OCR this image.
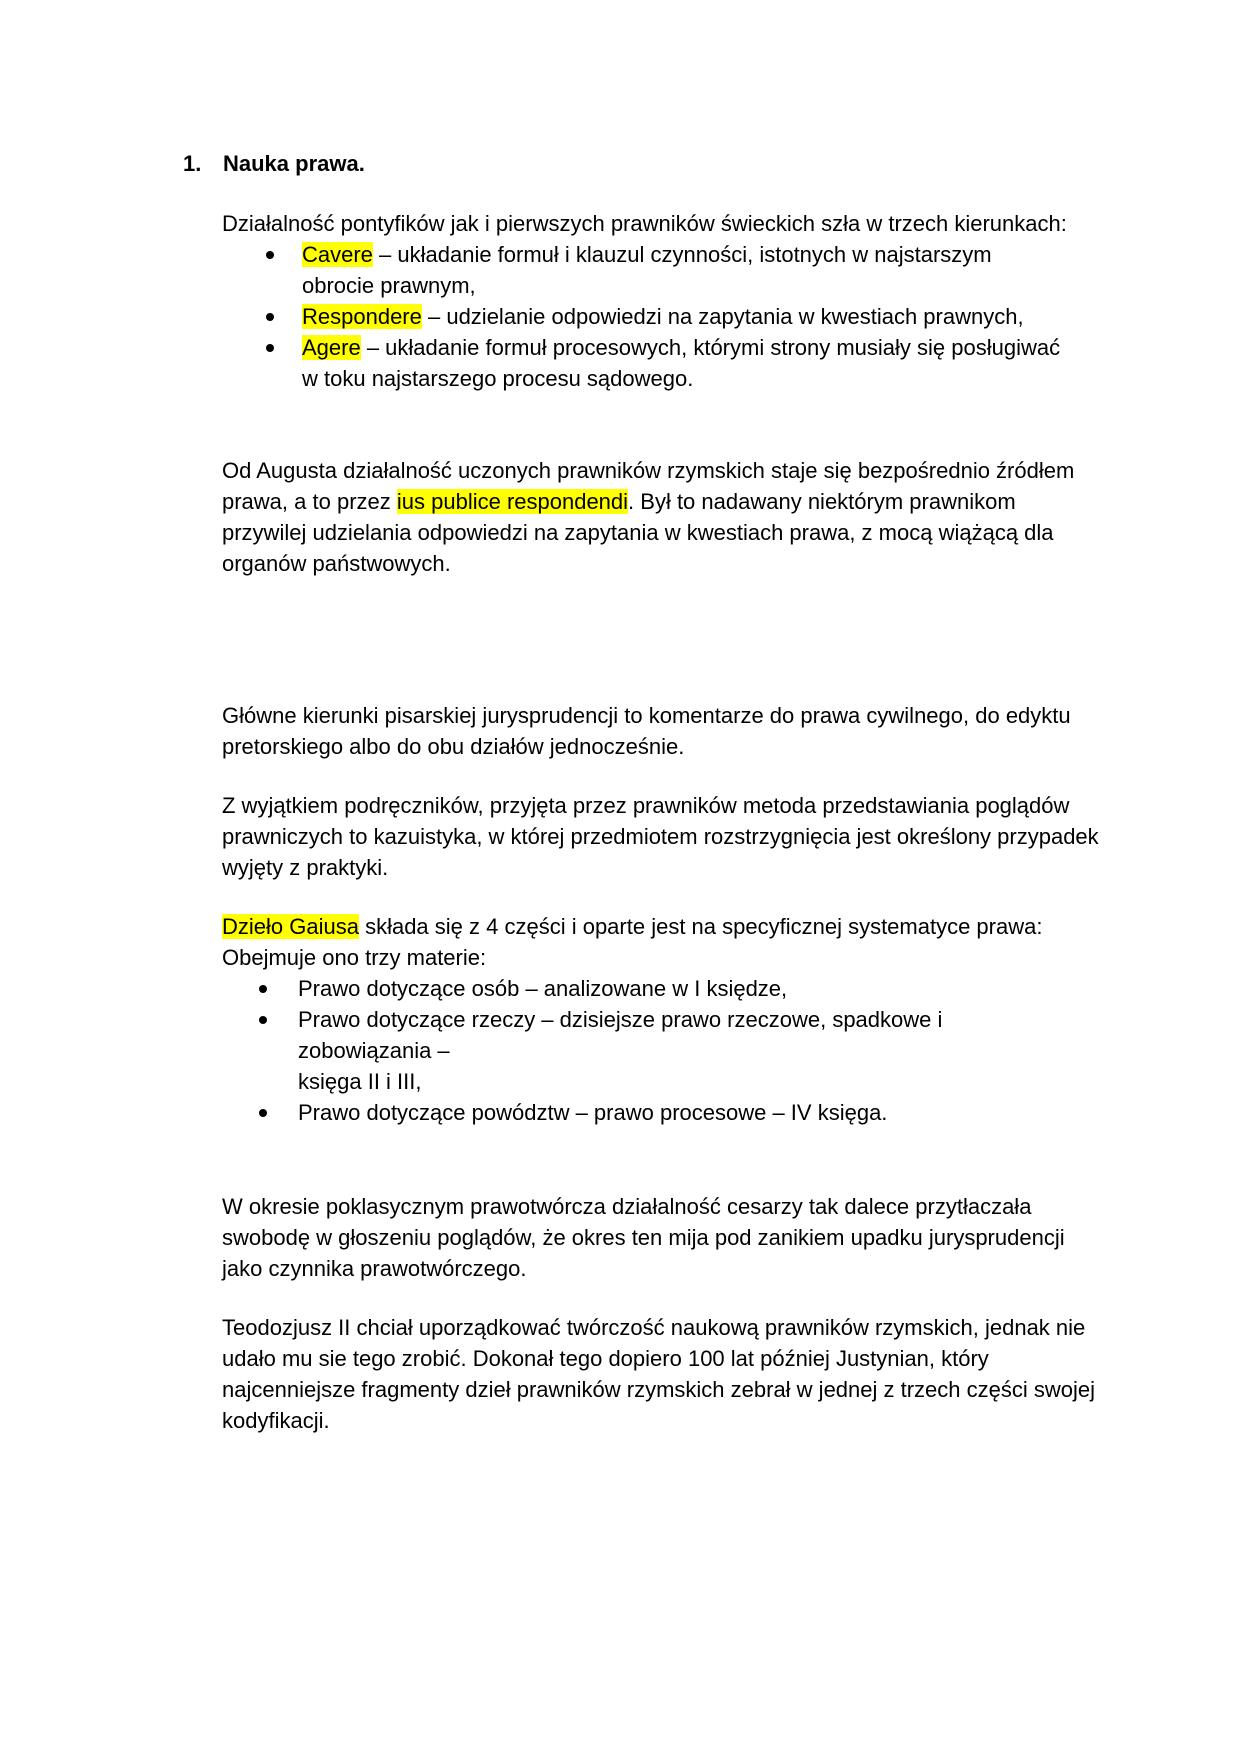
1. Nauka prawa.

Działalność pontyfików jak i pierwszych prawników świeckich szła w trzech kierunkach:

Cavere – układanie formuł i klauzul czynności, istotnych w najstarszym obrocie prawnym,
Respondere – udzielanie odpowiedzi na zapytania w kwestiach prawnych,
Agere – układanie formuł procesowych, którymi strony musiały się posługiwać w toku najstarszego procesu sądowego.

Od Augusta działalność uczonych prawników rzymskich staje się bezpośrednio źródłem prawa, a to przez ius publice respondendi. Był to nadawany niektórym prawnikom przywilej udzielania odpowiedzi na zapytania w kwestiach prawa, z mocą wiążącą dla organów państwowych.

Główne kierunki pisarskiej jurysprudencji to komentarze do prawa cywilnego, do edyktu pretorskiego albo do obu działów jednocześnie.

Z wyjątkiem podręczników, przyjęta przez prawników metoda przedstawiania poglądów prawniczych to kazuistyka, w której przedmiotem rozstrzygnięcia jest określony przypadek wyjęty z praktyki.

Dzieło Gaiusa składa się z 4 części i oparte jest na specyficznej systematyce prawa:

Obejmuje ono trzy materie:

Prawo dotyczące osób – analizowane w I księdze,
Prawo dotyczące rzeczy – dzisiejsze prawo rzeczowe, spadkowe i zobowiązania –
księga II i III,
Prawo dotyczące powództw – prawo procesowe – IV księga.

W okresie poklasycznym prawotwórcza działalność cesarzy tak dalece przytłaczała swobodę w głoszeniu poglądów, że okres ten mija pod zanikiem upadku jurysprudencji jako czynnika prawotwórczego.

Teodozjusz II chciał uporządkować twórczość naukową prawników rzymskich, jednak nie udało mu sie tego zrobić. Dokonał tego dopiero 100 lat później Justynian, który najcenniejsze fragmenty dzieł prawników rzymskich zebrał w jednej z trzech części swojej kodyfikacji.
